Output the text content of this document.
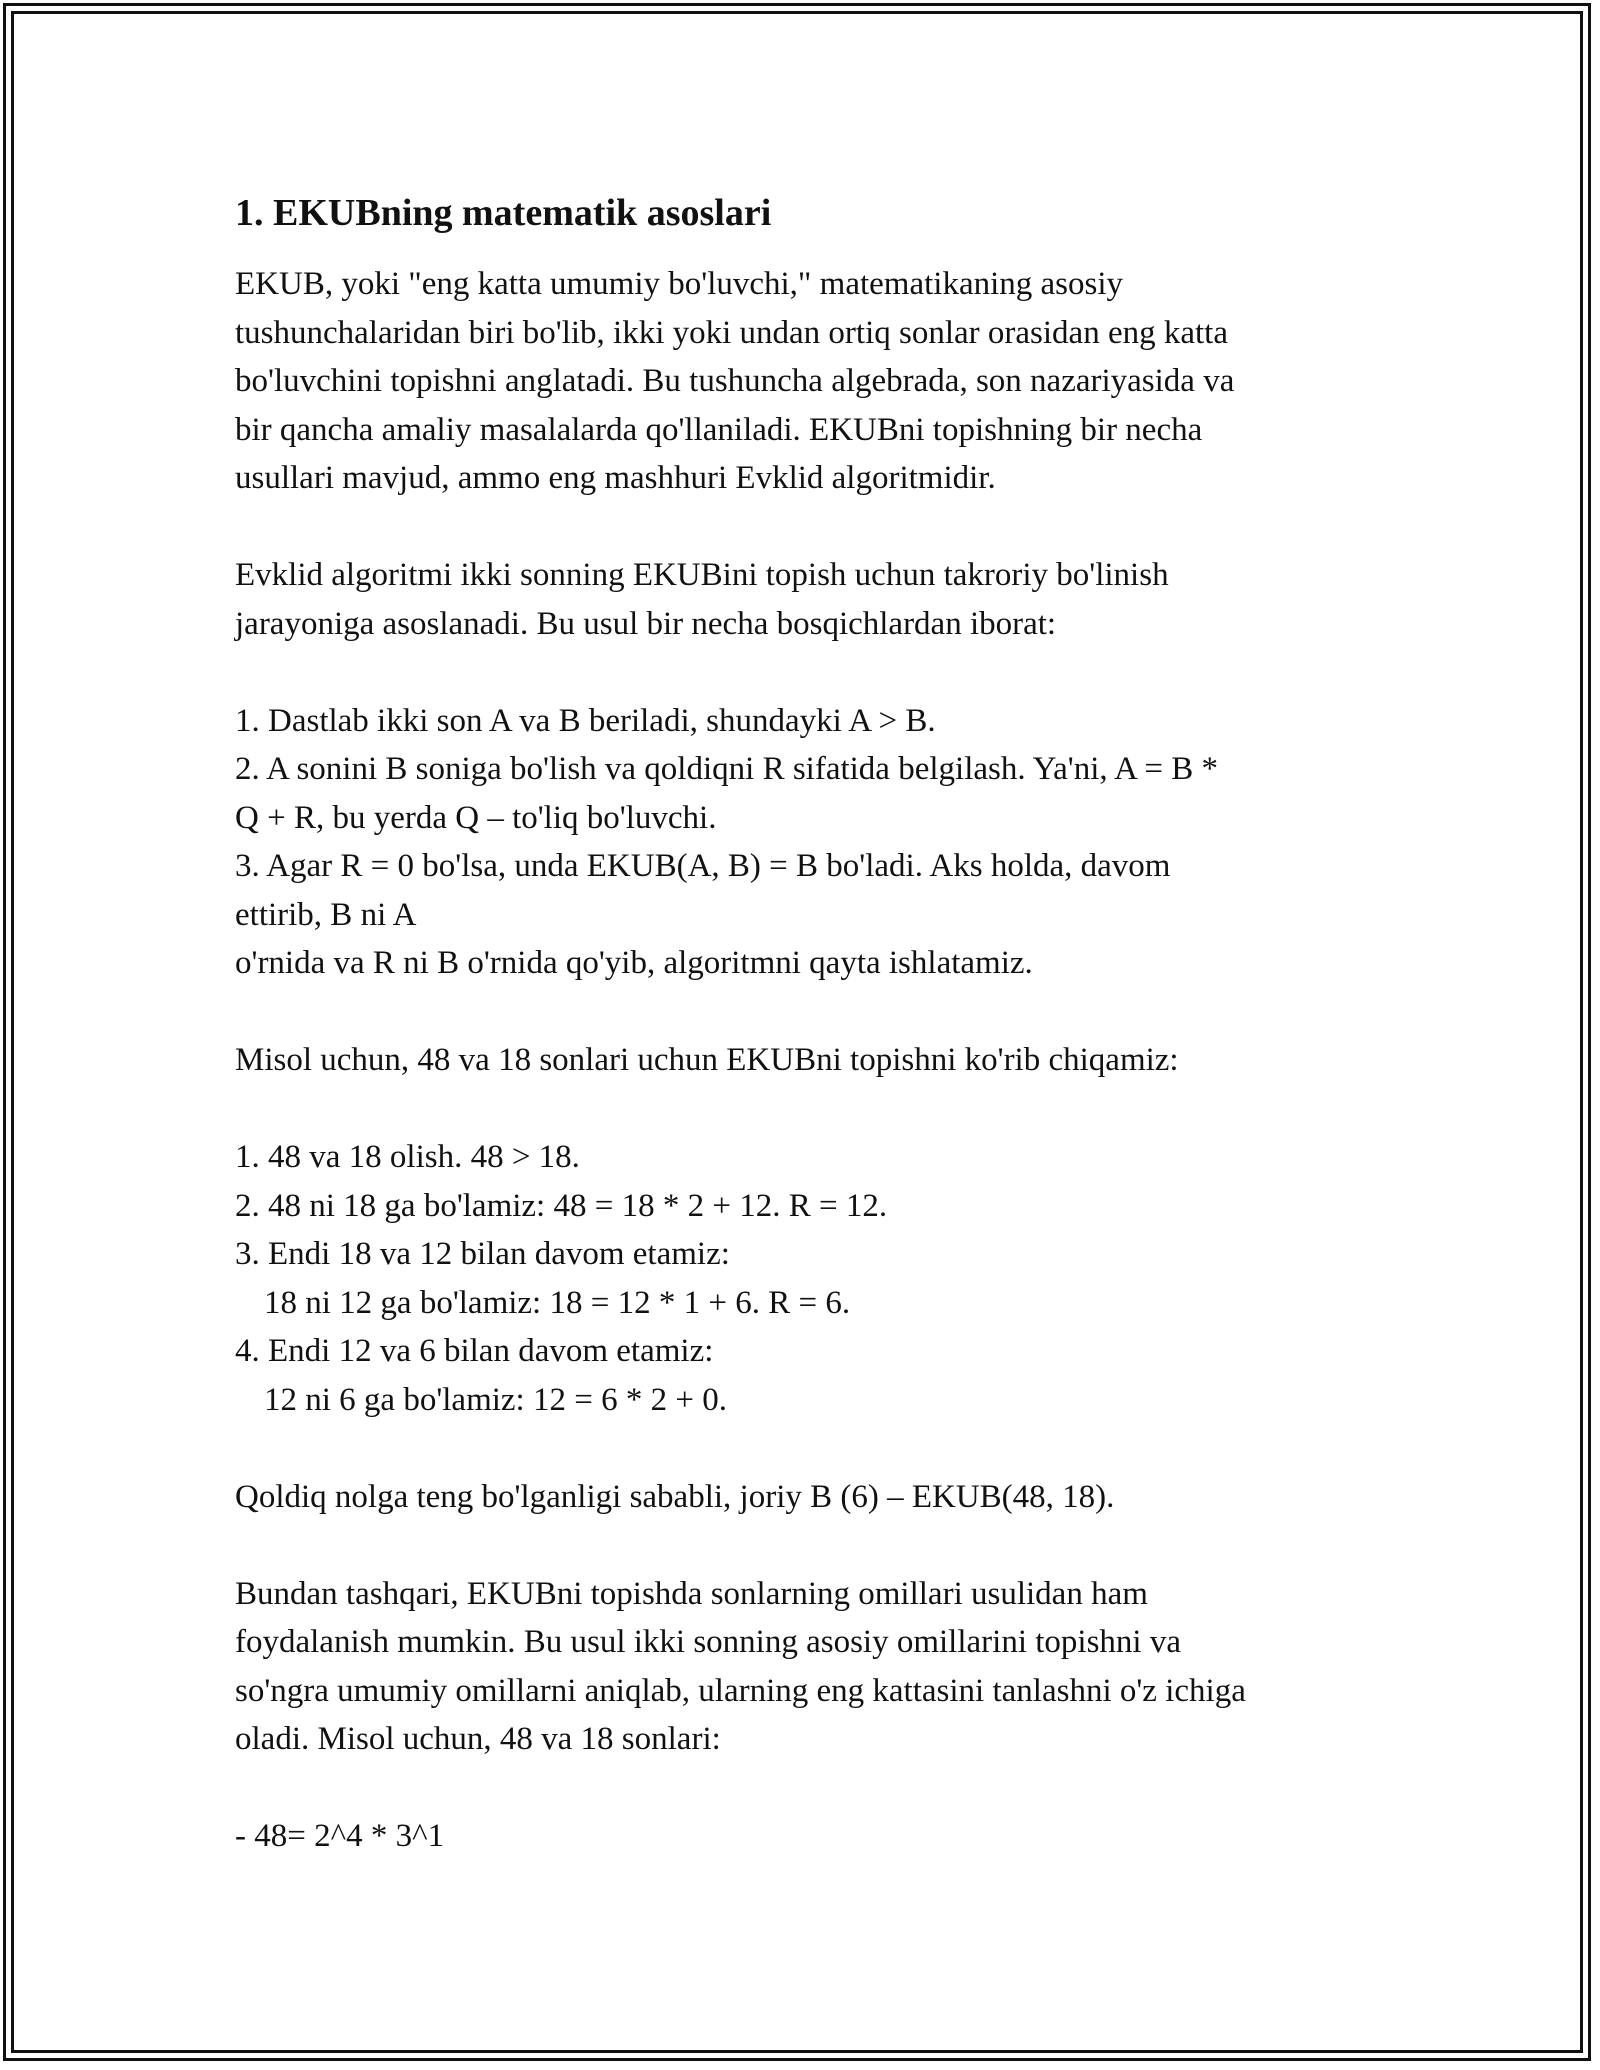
1. EKUBning matematik asoslari

EKUB, yoki "eng katta umumiy bo'luvchi," matematikaning asosiy
tushunchalaridan biri bo'lib, ikki yoki undan ortiq sonlar orasidan eng katta
bo'luvchini topishni anglatadi. Bu tushuncha algebrada, son nazariyasida va
bir qancha amaliy masalalarda qo'llaniladi. EKUBni topishning bir necha
usullari mavjud, ammo eng mashhuri Evklid algoritmidir.

Evklid algoritmi ikki sonning EKUBini topish uchun takroriy bo'linish
jarayoniga asoslanadi. Bu usul bir necha bosqichlardan iborat:

1. Dastlab ikki son A va B beriladi, shundayki A > B.
2. A sonini B soniga bo'lish va qoldiqni R sifatida belgilash. Ya'ni, A = B *
Q + R, bu yerda Q – to'liq bo'luvchi.
3. Agar R = 0 bo'lsa, unda EKUB(A, B) = B bo'ladi. Aks holda, davom
ettirib, B ni A
o'rnida va R ni B o'rnida qo'yib, algoritmni qayta ishlatamiz.

Misol uchun, 48 va 18 sonlari uchun EKUBni topishni ko'rib chiqamiz:

1. 48 va 18 olish. 48 > 18.
2. 48 ni 18 ga bo'lamiz: 48 = 18 * 2 + 12. R = 12.
3. Endi 18 va 12 bilan davom etamiz:
18 ni 12 ga bo'lamiz: 18 = 12 * 1 + 6. R = 6.
4. Endi 12 va 6 bilan davom etamiz:
12 ni 6 ga bo'lamiz: 12 = 6 * 2 + 0.

Qoldiq nolga teng bo'lganligi sababli, joriy B (6) – EKUB(48, 18).

Bundan tashqari, EKUBni topishda sonlarning omillari usulidan ham
foydalanish mumkin. Bu usul ikki sonning asosiy omillarini topishni va
so'ngra umumiy omillarni aniqlab, ularning eng kattasini tanlashni o'z ichiga
oladi. Misol uchun, 48 va 18 sonlari:

- 48= 2^4 * 3^1
